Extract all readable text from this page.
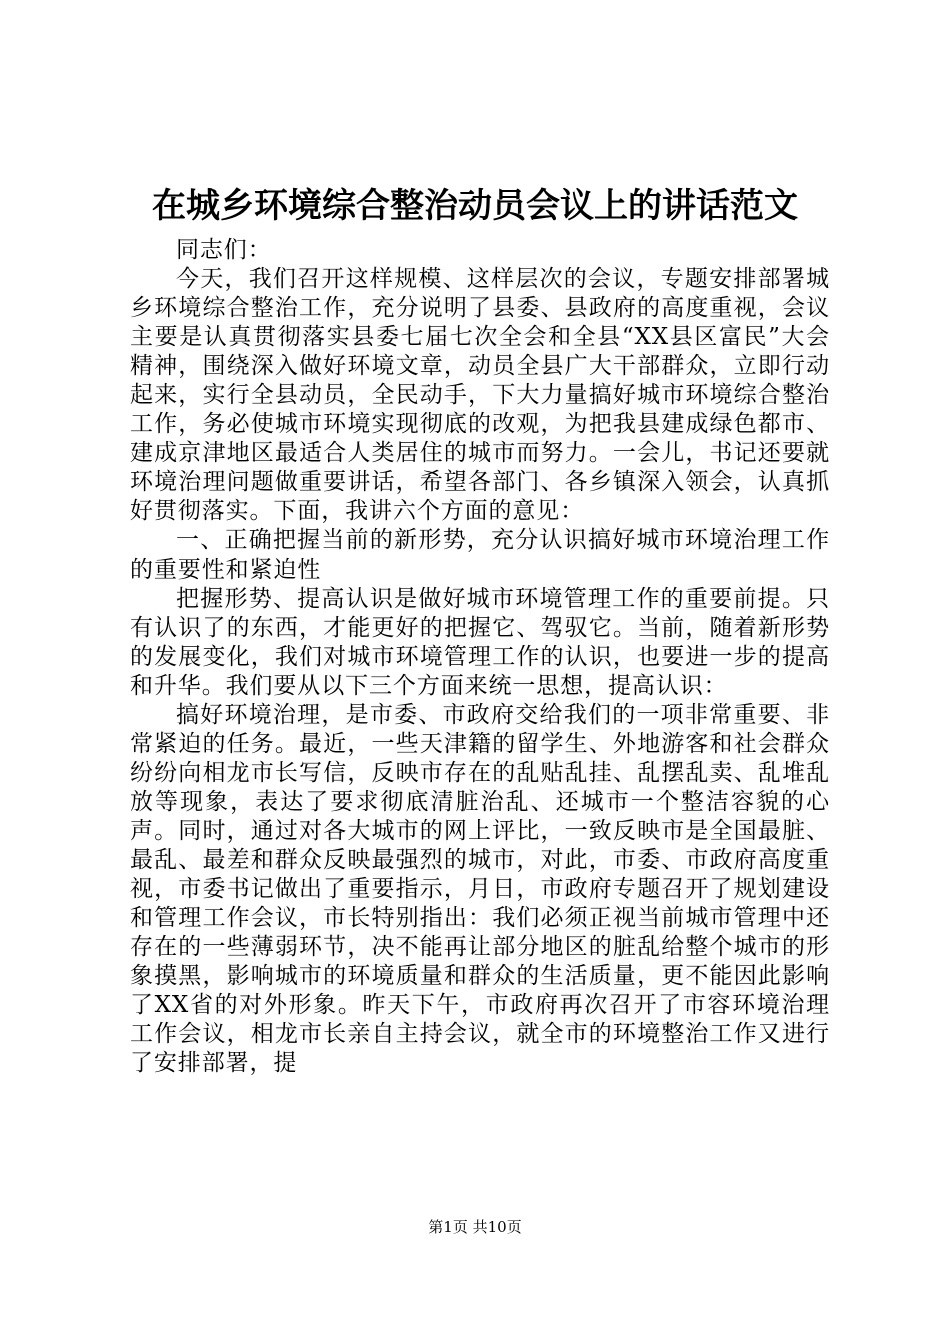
在城乡环境综合整治动员会议上的讲话范文

同志们：

今天，我们召开这样规模、这样层次的会议，专题安排部署城乡环境综合整治工作，充分说明了县委、县政府的高度重视，会议主要是认真贯彻落实县委七届七次全会和全县“XX县区富民”大会精神，围绕深入做好环境文章，动员全县广大干部群众，立即行动起来，实行全县动员，全民动手，下大力量搞好城市环境综合整治工作，务必使城市环境实现彻底的改观，为把我县建成绿色都市、建成京津地区最适合人类居住的城市而努力。一会儿，书记还要就环境治理问题做重要讲话，希望各部门、各乡镇深入领会，认真抓好贯彻落实。下面，我讲六个方面的意见：

一、正确把握当前的新形势，充分认识搞好城市环境治理工作的重要性和紧迫性

把握形势、提高认识是做好城市环境管理工作的重要前提。只有认识了的东西，才能更好的把握它、驾驭它。当前，随着新形势的发展变化，我们对城市环境管理工作的认识，也要进一步的提高和升华。我们要从以下三个方面来统一思想，提高认识：

搞好环境治理，是市委、市政府交给我们的一项非常重要、非常紧迫的任务。最近，一些天津籍的留学生、外地游客和社会群众纷纷向相龙市长写信，反映市存在的乱贴乱挂、乱摆乱卖、乱堆乱放等现象，表达了要求彻底清脏治乱、还城市一个整洁容貌的心声。同时，通过对各大城市的网上评比，一致反映市是全国最脏、最乱、最差和群众反映最强烈的城市，对此，市委、市政府高度重视，市委书记做出了重要指示，月日，市政府专题召开了规划建设和管理工作会议，市长特别指出：我们必须正视当前城市管理中还存在的一些薄弱环节，决不能再让部分地区的脏乱给整个城市的形象摸黑，影响城市的环境质量和群众的生活质量，更不能因此影响了XX省的对外形象。昨天下午，市政府再次召开了市容环境治理工作会议，相龙市长亲自主持会议，就全市的环境整治工作又进行了安排部署，提

第1页 共10页
